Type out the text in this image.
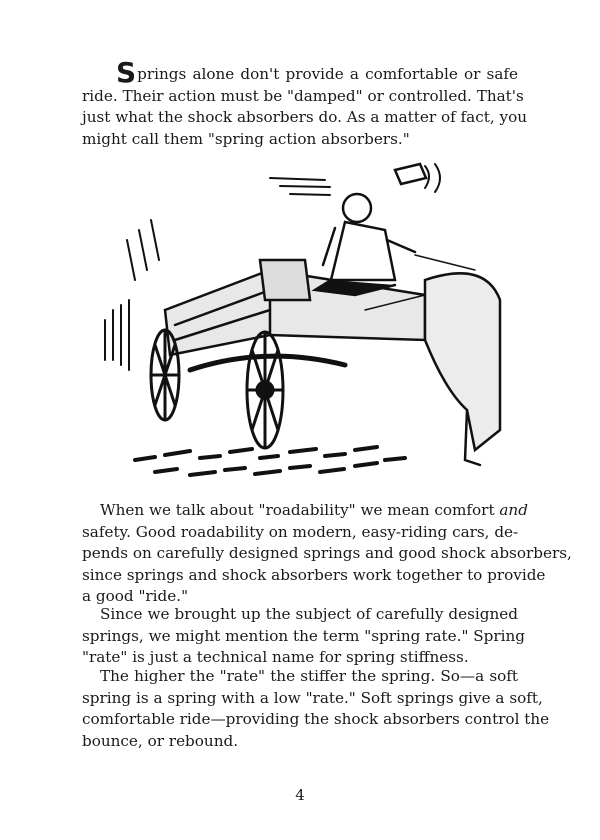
Springs alone don't provide a comfortable or safe
ride. Their action must be "damped" or controlled. That's
just what the shock absorbers do. As a matter of fact, you
might call them "spring action absorbers."

When we talk about "roadability" we mean comfort and
safety. Good roadability on modern, easy-riding cars, de-
pends on carefully designed springs and good shock absorbers,
since springs and shock absorbers work together to provide
a good "ride."

Since we brought up the subject of carefully designed
springs, we might mention the term "spring rate." Spring
"rate" is just a technical name for spring stiffness.

The higher the "rate" the stiffer the spring. So—a soft
spring is a spring with a low "rate." Soft springs give a soft,
comfortable ride—providing the shock absorbers control the
bounce, or rebound.

4
